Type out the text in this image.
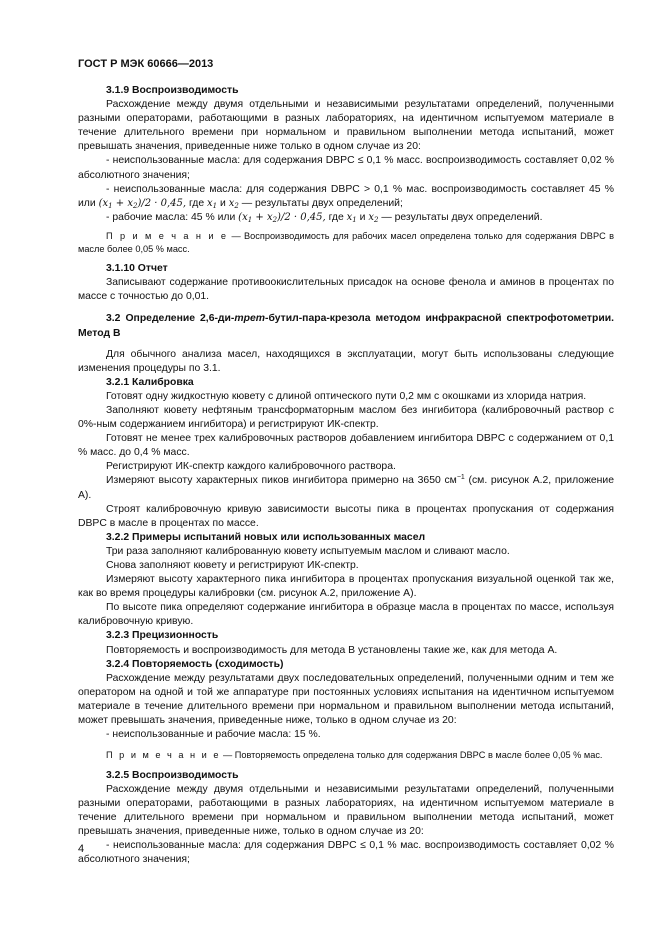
ГОСТ Р МЭК 60666—2013

3.1.9 Воспроизводимость

Расхождение между двумя отдельными и независимыми результатами определений, полученными разными операторами, работающими в разных лабораториях, на идентичном испытуемом материале в течение длительного времени при нормальном и правильном выполнении метода испытаний, может превышать значения, приведенные ниже только в одном случае из 20:

- неиспользованные масла: для содержания DBPC ≤ 0,1 % масс. воспроизводимость составляет 0,02 % абсолютного значения;

- неиспользованные масла: для содержания DBPC > 0,1 % мас. воспроизводимость составляет 45 % или $(x_1 + x_2)/2 \cdot 0,45$, где $x_1$ и $x_2$ — результаты двух определений;

- рабочие масла: 45 % или $(x_1 + x_2)/2 \cdot 0,45$, где $x_1$ и $x_2$ — результаты двух определений.

П р и м е ч а н и е — Воспроизводимость для рабочих масел определена только для содержания DBPC в масле более 0,05 % масс.

3.1.10 Отчет

Записывают содержание противоокислительных присадок на основе фенола и аминов в процентах по массе с точностью до 0,01.

3.2 Определение 2,6-ди-трет-бутил-пара-крезола методом инфракрасной спектрофотометрии. Метод В

Для обычного анализа масел, находящихся в эксплуатации, могут быть использованы следующие изменения процедуры по 3.1.

3.2.1 Калибровка

Готовят одну жидкостную кювету с длиной оптического пути 0,2 мм с окошками из хлорида натрия.

Заполняют кювету нефтяным трансформаторным маслом без ингибитора (калибровочный раствор с 0%-ным содержанием ингибитора) и регистрируют ИК-спектр.

Готовят не менее трех калибровочных растворов добавлением ингибитора DBPC с содержанием от 0,1 % масс. до 0,4 % масс.

Регистрируют ИК-спектр каждого калибровочного раствора.

Измеряют высоту характерных пиков ингибитора примерно на 3650 $см^{-1}$ (см. рисунок А.2, приложение А).

Строят калибровочную кривую зависимости высоты пика в процентах пропускания от содержания DBPC в масле в процентах по массе.

3.2.2 Примеры испытаний новых или использованных масел

Три раза заполняют калиброванную кювету испытуемым маслом и сливают масло.

Снова заполняют кювету и регистрируют ИК-спектр.

Измеряют высоту характерного пика ингибитора в процентах пропускания визуальной оценкой так же, как во время процедуры калибровки (см. рисунок А.2, приложение А).

По высоте пика определяют содержание ингибитора в образце масла в процентах по массе, используя калибровочную кривую.

3.2.3 Прецизионность

Повторяемость и воспроизводимость для метода В установлены такие же, как для метода А.

3.2.4 Повторяемость (сходимость)

Расхождение между результатами двух последовательных определений, полученными одним и тем же оператором на одной и той же аппаратуре при постоянных условиях испытания на идентичном испытуемом материале в течение длительного времени при нормальном и правильном выполнении метода испытаний, может превышать значения, приведенные ниже, только в одном случае из 20:

- неиспользованные и рабочие масла: 15 %.

П р и м е ч а н и е — Повторяемость определена только для содержания DBPC в масле более 0,05 % мас.

3.2.5 Воспроизводимость

Расхождение между двумя отдельными и независимыми результатами определений, полученными разными операторами, работающими в разных лабораториях, на идентичном испытуемом материале в течение длительного времени при нормальном и правильном выполнении метода испытаний, может превышать значения, приведенные ниже, только в одном случае из 20:

- неиспользованные масла: для содержания DBPC ≤ 0,1 % мас. воспроизводимость составляет 0,02 % абсолютного значения;

4
